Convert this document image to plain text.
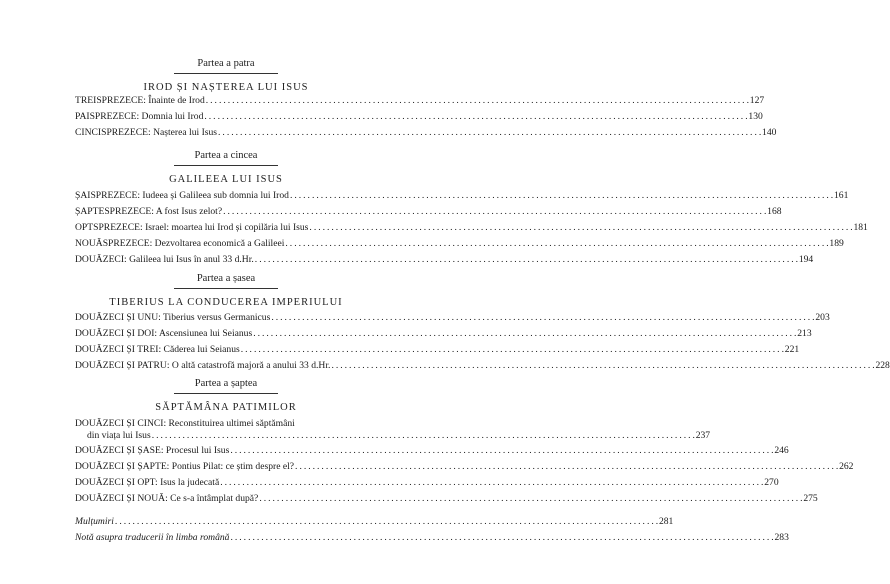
Partea a patra
IROD ȘI NAȘTEREA LUI ISUS
TREISPREZECE: Înainte de Irod . . .	127
PAISPREZECE: Domnia lui Irod . . .	130
CINCISPREZECE: Nașterea lui Isus . . .	140
Partea a cincea
GALILEEA LUI ISUS
ȘAISPREZECE: Iudeea și Galileea sub domnia lui Irod . . .	161
ȘAPTESPREZECE: A fost Isus zelot? . . .	168
OPTSPREZECE: Israel: moartea lui Irod și copilăria lui Isus . . .	181
NOUĂSPREZECE: Dezvoltarea economică a Galileei . . .	189
DOUĂZECI: Galileea lui Isus în anul 33 d.Hr. . . .	194
Partea a șasea
TIBERIUS LA CONDUCEREA IMPERIULUI
DOUĂZECI ȘI UNU: Tiberius versus Germanicus . . .	203
DOUĂZECI ȘI DOI: Ascensiunea lui Seianus . . .	213
DOUĂZECI ȘI TREI: Căderea lui Seianus . . .	221
DOUĂZECI ȘI PATRU: O altă catastrofă majoră a anului 33 d.Hr. . . .	228
Partea a șaptea
SĂPTĂMÂNA PATIMILOR
DOUĂZECI ȘI CINCI: Reconstituirea ultimei săptămâni
din viața lui Isus . . .	237
DOUĂZECI ȘI ȘASE: Procesul lui Isus . . .	246
DOUĂZECI ȘI ȘAPTE: Pontius Pilat: ce știm despre el? . . .	262
DOUĂZECI ȘI OPT: Isus la judecată . . .	270
DOUĂZECI ȘI NOUĂ: Ce s-a întâmplat după? . . .	275
Mulțumiri . . .	281
Notă asupra traducerii în limba română . . .	283
